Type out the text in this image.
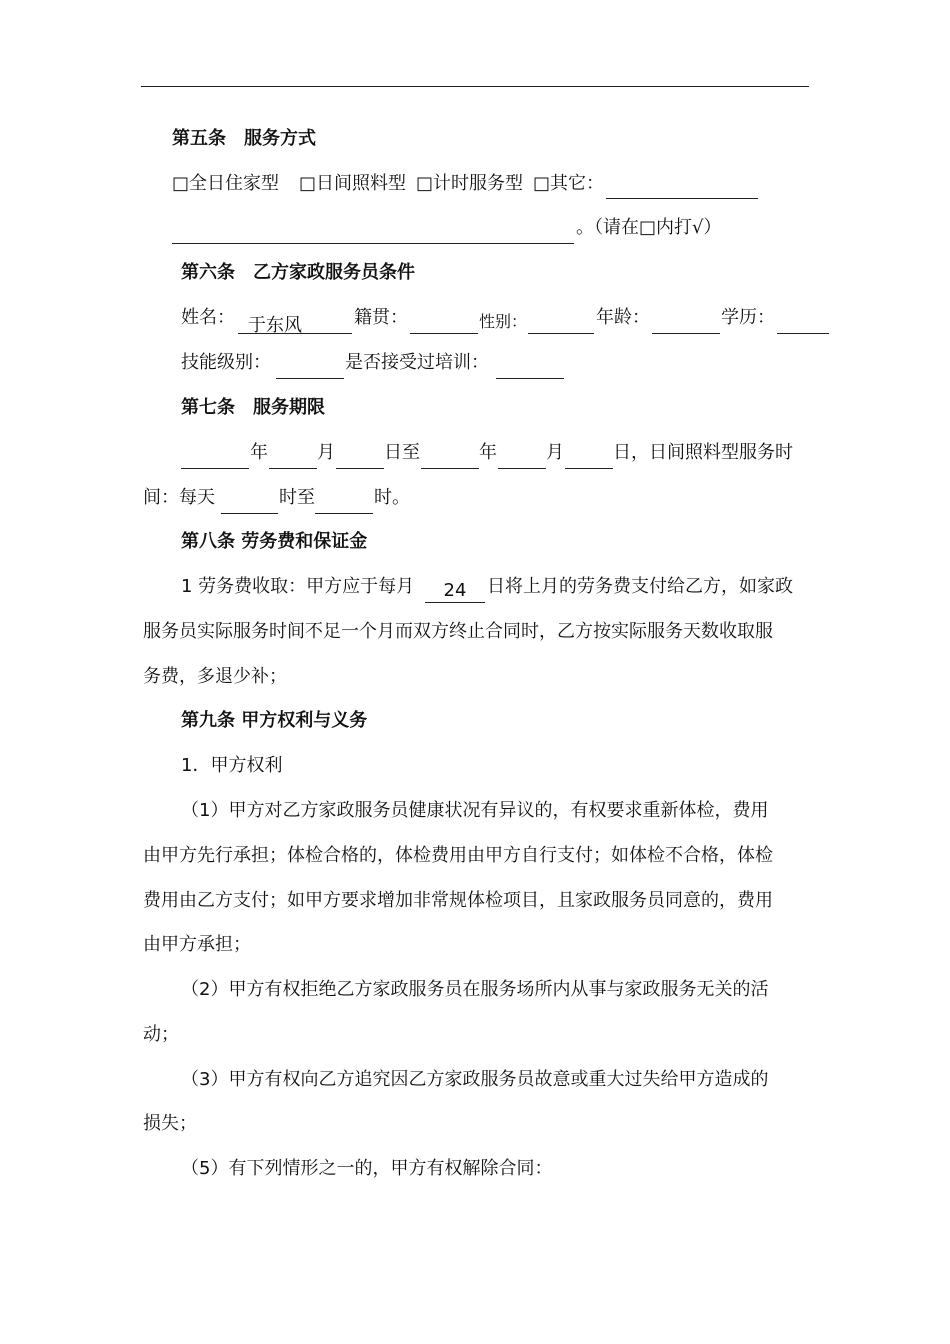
第五条　服务方式
□全日住家型 □日间照料型 □计时服务型 □其它：
。（请在□内打√）
第六条　乙方家政服务员条件
姓名： 于东风	籍贯：	性别：	年龄：	学历：
技能级别：	是否接受过培训：
第七条　服务期限
年	月	日至	年	月	日，日间照料型服务时
间：每天	时至	时。
第八条 劳务费和保证金
1 劳务费收取：甲方应于每月	24	日将上月的劳务费支付给乙方，如家政
服务员实际服务时间不足一个月而双方终止合同时，乙方按实际服务天数收取服
务费，多退少补；
第九条 甲方权利与义务
1．甲方权利
（1）甲方对乙方家政服务员健康状况有异议的，有权要求重新体检，费用
由甲方先行承担；体检合格的，体检费用由甲方自行支付；如体检不合格，体检
费用由乙方支付；如甲方要求增加非常规体检项目，且家政服务员同意的，费用
由甲方承担；
（2）甲方有权拒绝乙方家政服务员在服务场所内从事与家政服务无关的活
动；
（3）甲方有权向乙方追究因乙方家政服务员故意或重大过失给甲方造成的
损失；
（5）有下列情形之一的，甲方有权解除合同：
